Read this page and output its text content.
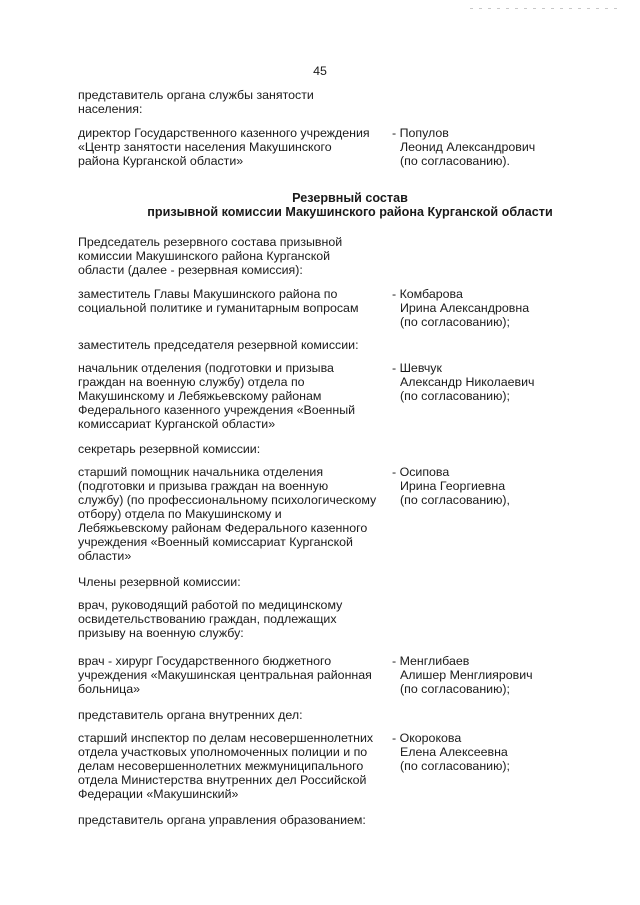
45
представитель органа службы занятости
населения:
директор Государственного казенного учреждения
«Центр занятости населения Макушинского
района Курганской области»
- Популов
Леонид Александрович
(по согласованию).
Резервный состав
призывной комиссии Макушинского района Курганской области
Председатель резервного состава призывной
комиссии Макушинского района Курганской
области (далее - резервная комиссия):
заместитель Главы Макушинского района по
социальной политике и гуманитарным вопросам
- Комбарова
Ирина Александровна
(по согласованию);
заместитель председателя резервной комиссии:
начальник отделения (подготовки и призыва
граждан на военную службу) отдела по
Макушинскому и Лебяжьевскому районам
Федерального казенного учреждения «Военный
комиссариат Курганской области»
- Шевчук
Александр Николаевич
(по согласованию);
секретарь резервной комиссии:
старший помощник начальника отделения
(подготовки и призыва граждан на военную
службу) (по профессиональному психологическому
отбору) отдела по Макушинскому и
Лебяжьевскому районам Федерального казенного
учреждения «Военный комиссариат Курганской
области»
- Осипова
Ирина Георгиевна
(по согласованию),
Члены резервной комиссии:
врач, руководящий работой по медицинскому
освидетельствованию граждан, подлежащих
призыву на военную службу:
врач - хирург Государственного бюджетного
учреждения «Макушинская центральная районная
больница»
- Менглибаев
Алишер Менглиярович
(по согласованию);
представитель органа внутренних дел:
старший инспектор по делам несовершеннолетних
отдела участковых уполномоченных полиции и по
делам несовершеннолетних межмуниципального
отдела Министерства внутренних дел Российской
Федерации «Макушинский»
- Окорокова
Елена Алексеевна
(по согласованию);
представитель органа управления образованием:
